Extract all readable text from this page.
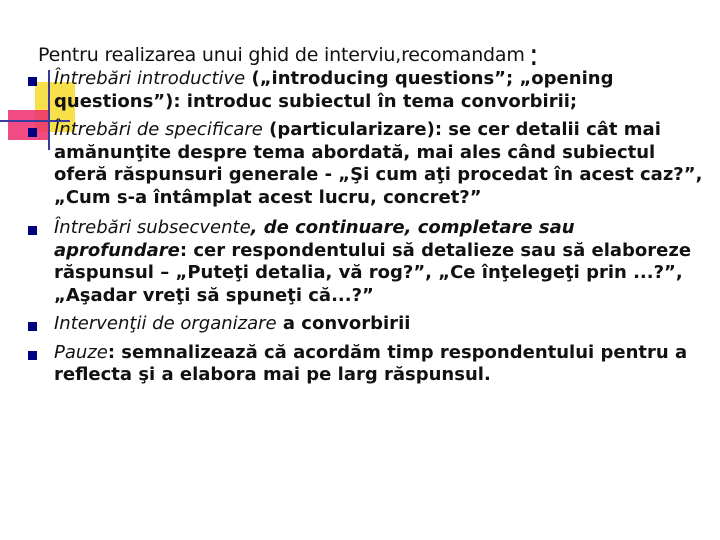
Pentru realizarea unui ghid de interviu,recomandam :
Întrebări introductive („introducing questions”; „opening questions”): introduc subiectul în tema convorbirii;
Întrebări de specificare (particularizare): se cer detalii cât mai amănunţite despre tema abordată, mai ales când subiectul oferă răspunsuri generale - „Şi cum aţi procedat în acest caz?”, „Cum s-a întâmplat acest lucru, concret?”
Întrebări subsecvente, de continuare, completare sau aprofundare: cer respondentului să detalieze sau să elaboreze răspunsul – „Puteţi detalia, vă rog?”, „Ce înţelegeţi prin ...?”, „Aşadar vreţi să spuneţi că...?”
Intervenţii de organizare a convorbirii
Pauze: semnalizează că acordăm timp respondentului pentru a reflecta şi a elabora mai pe larg răspunsul.
